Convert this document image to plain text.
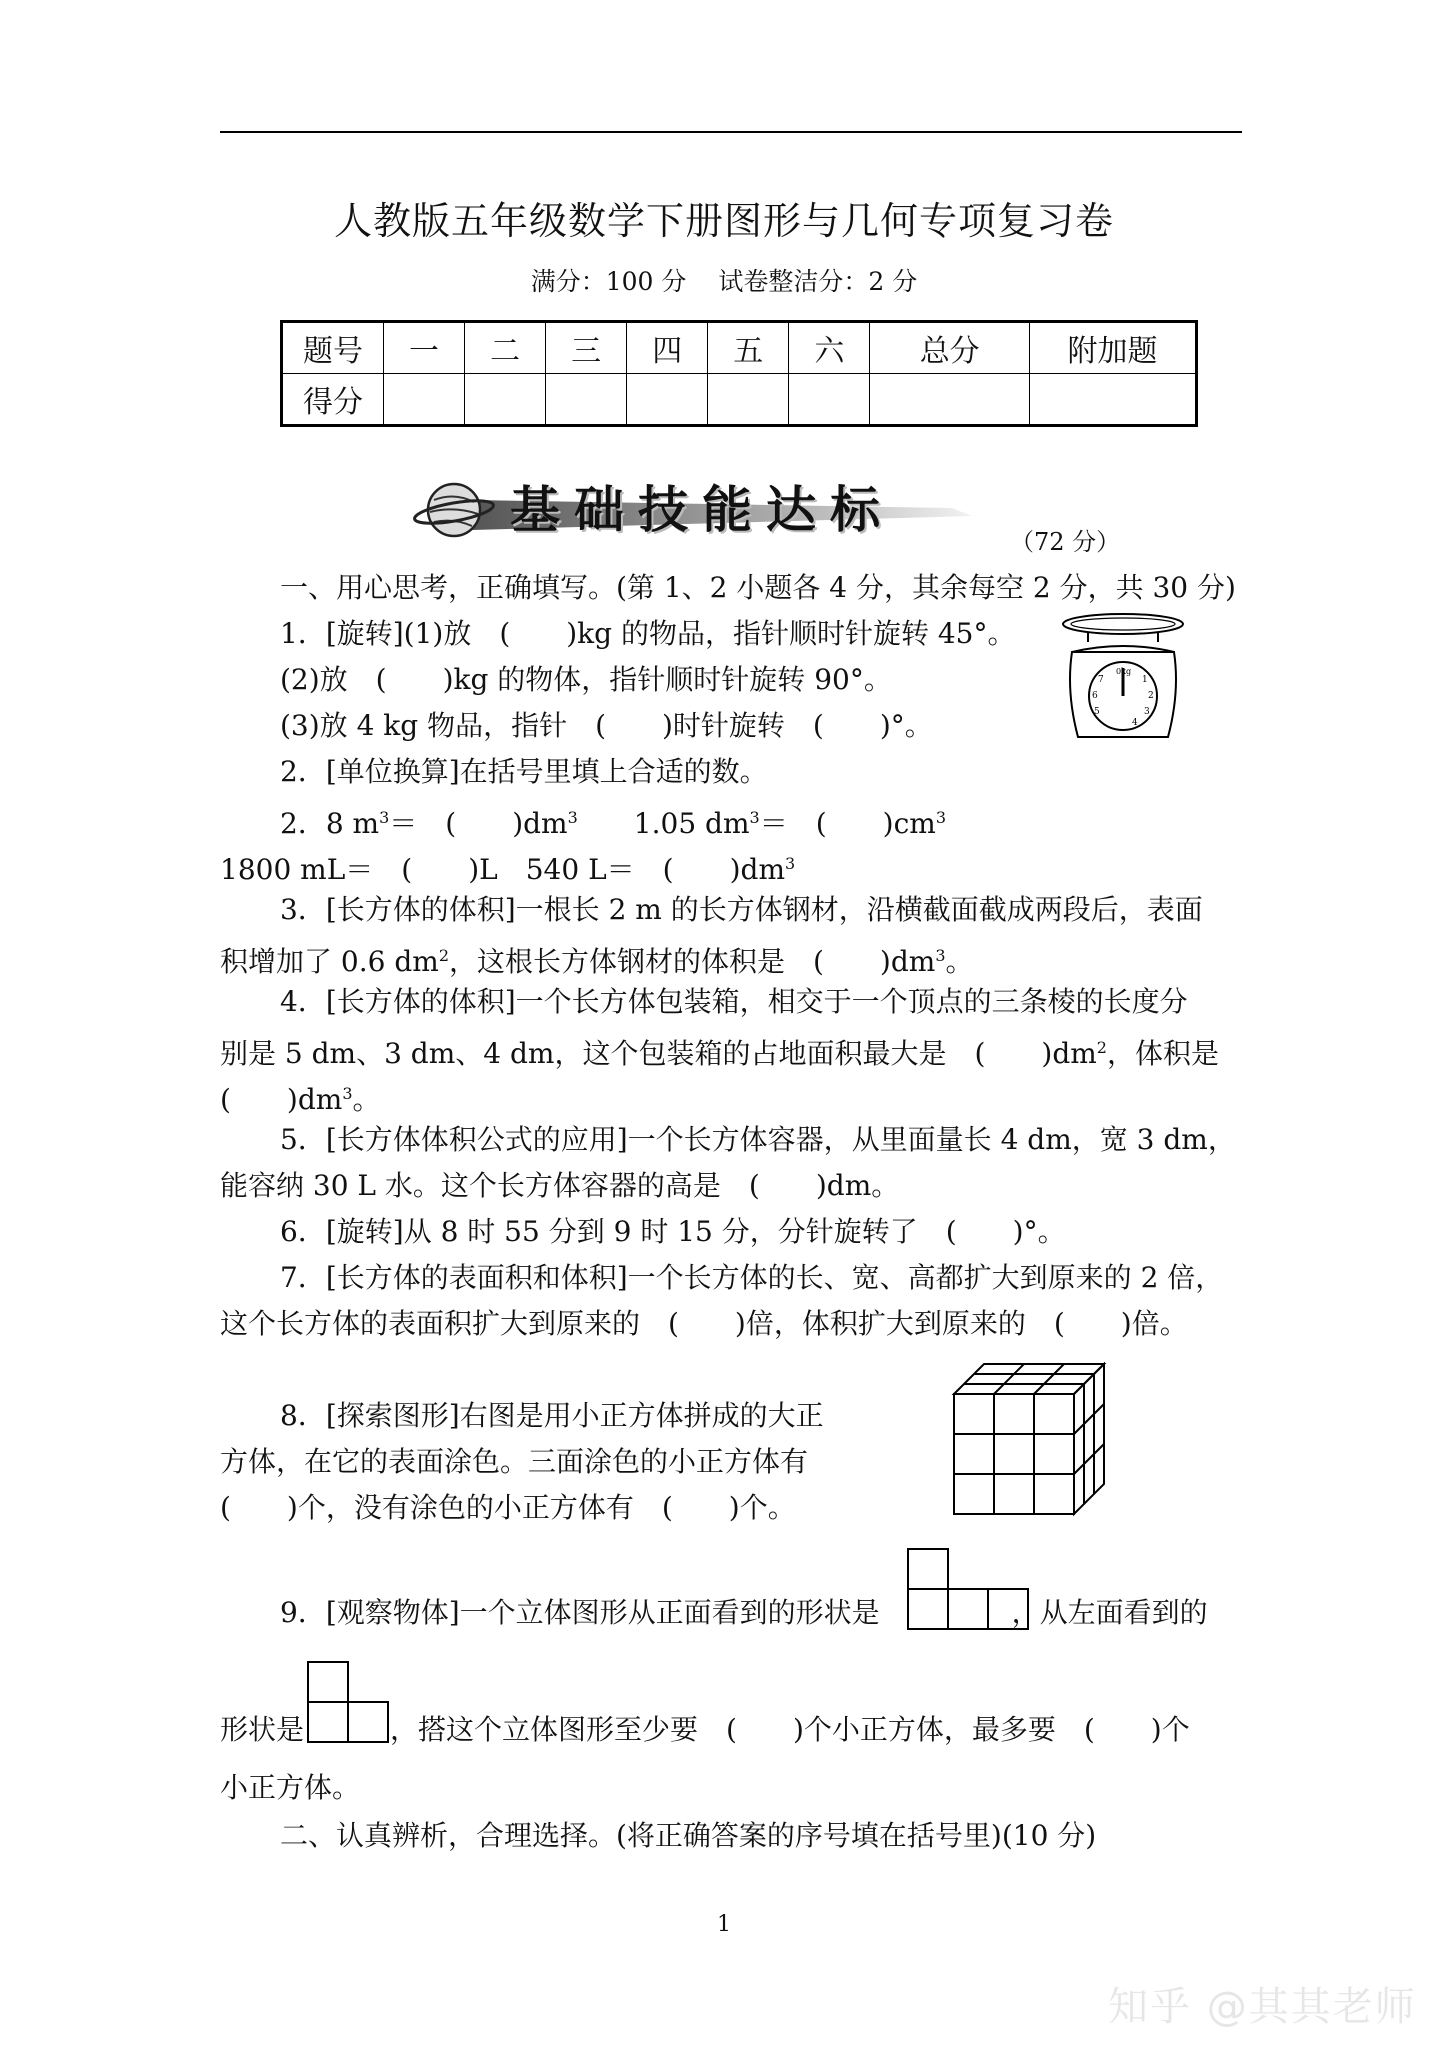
人教版五年级数学下册图形与几何专项复习卷
满分：100 分 试卷整洁分：2 分
题号	一	二	三	四	五	六	总分	附加题
得分								
基础技能达标
（72 分）
一、用心思考，正确填写。(第 1、2 小题各 4 分，其余每空 2 分，共 30 分)
1．[旋转](1)放　(　　)kg 的物品，指针顺时针旋转 45°。
(2)放　(　　)kg 的物体，指针顺时针旋转 90°。
(3)放 4 kg 物品，指针　(　　)时针旋转　(　　)°。
0kg
1
2
3
4
5
6
7
2．[单位换算]在括号里填上合适的数。
2．8 $m^3=$　(　　)$dm^3$　　1.05 $dm^3=$　(　　)$cm^3$
1800 mL＝　(　　)L　540 L＝　(　　)$dm^3$
3．[长方体的体积]一根长 2 m 的长方体钢材，沿横截面截成两段后，表面
积增加了 0.6 $dm^2$，这根长方体钢材的体积是　(　　)$dm^3$。
4．[长方体的体积]一个长方体包装箱，相交于一个顶点的三条棱的长度分
别是 5 dm、3 dm、4 dm，这个包装箱的占地面积最大是　(　　)$dm^2$，体积是
(　　)$dm^3$。
5．[长方体体积公式的应用]一个长方体容器，从里面量长 4 dm，宽 3 dm，
能容纳 30 L 水。这个长方体容器的高是　(　　)dm。
6．[旋转]从 8 时 55 分到 9 时 15 分，分针旋转了　(　　)°。
7．[长方体的表面积和体积]一个长方体的长、宽、高都扩大到原来的 2 倍，
这个长方体的表面积扩大到原来的　(　　)倍，体积扩大到原来的　(　　)倍。
8．[探索图形]右图是用小正方体拼成的大正
方体，在它的表面涂色。三面涂色的小正方体有
(　　)个，没有涂色的小正方体有　(　　)个。
9．[观察物体]一个立体图形从正面看到的形状是	，从左面看到的
形状是	，搭这个立体图形至少要　(　　)个小正方体，最多要　(　　)个
小正方体。
二、认真辨析，合理选择。(将正确答案的序号填在括号里)(10 分)
1
知乎 @其其老师
